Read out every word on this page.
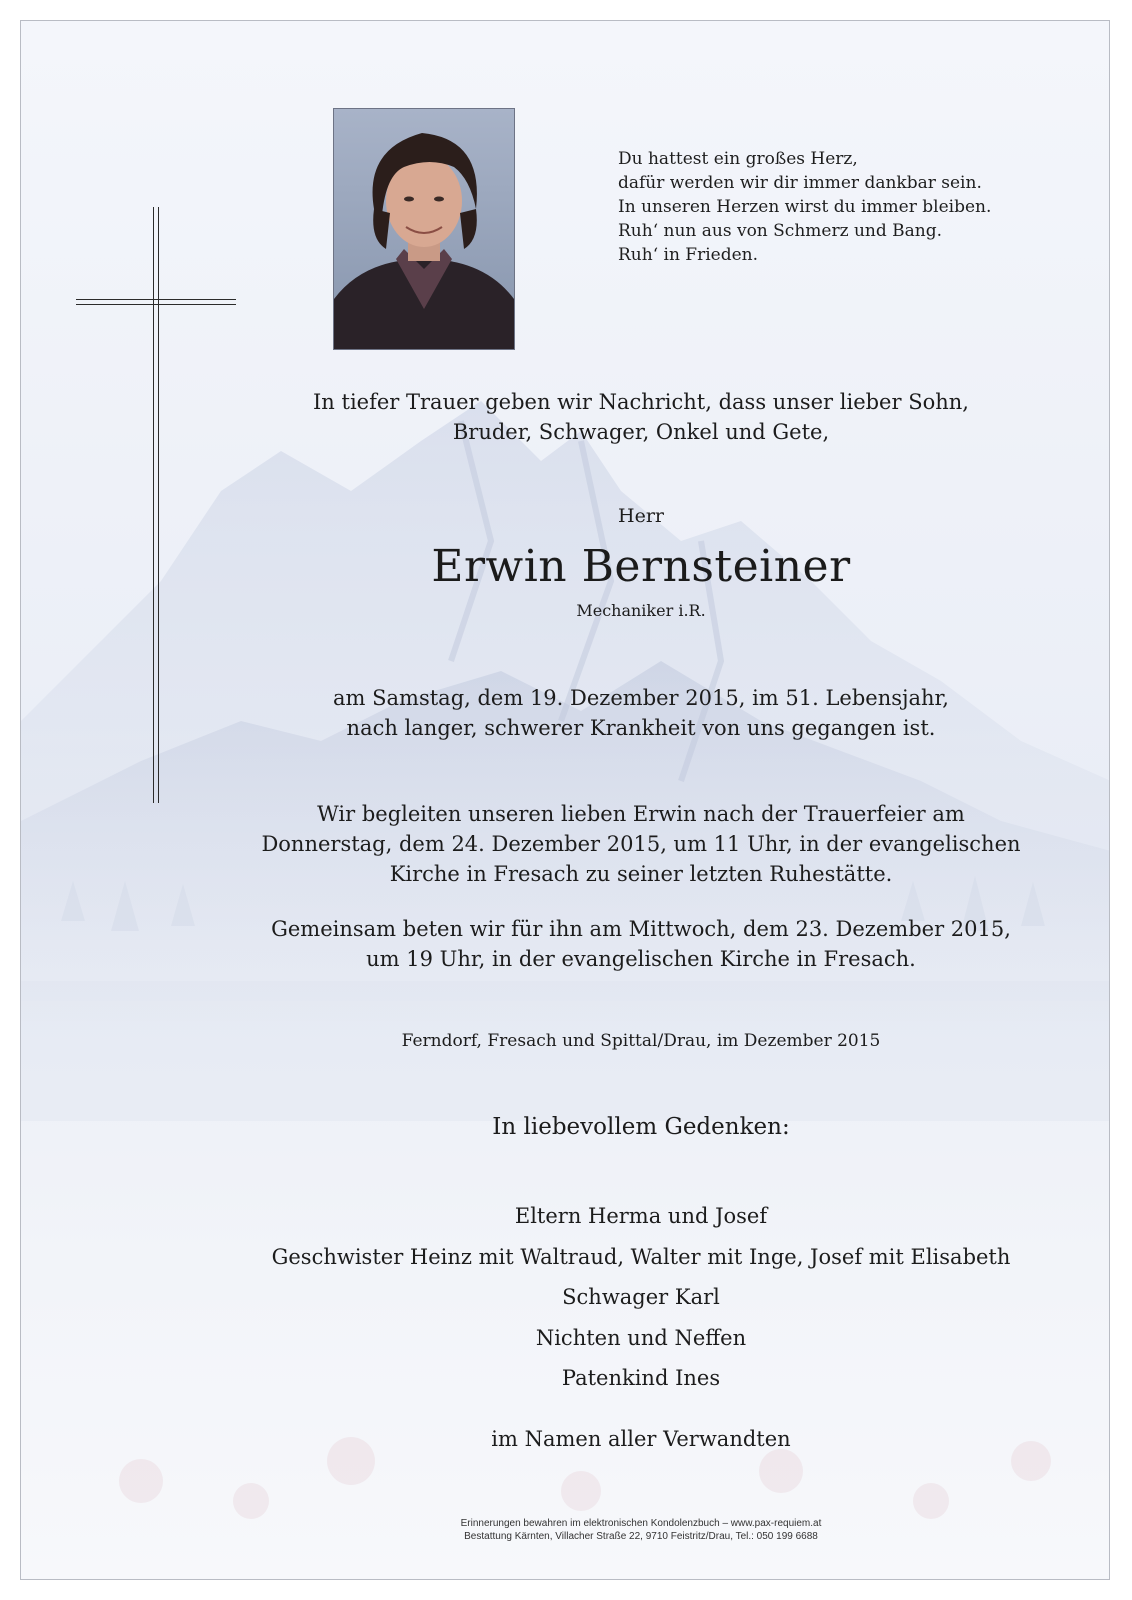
Du hattest ein großes Herz,
dafür werden wir dir immer dankbar sein.
In unseren Herzen wirst du immer bleiben.
Ruh‘ nun aus von Schmerz und Bang.
Ruh‘ in Frieden.
In tiefer Trauer geben wir Nachricht, dass unser lieber Sohn,
Bruder, Schwager, Onkel und Gete,
Herr
Erwin Bernsteiner
Mechaniker i.R.
am Samstag, dem 19. Dezember 2015, im 51. Lebensjahr,
nach langer, schwerer Krankheit von uns gegangen ist.
Wir begleiten unseren lieben Erwin nach der Trauerfeier am
Donnerstag, dem 24. Dezember 2015, um 11 Uhr, in der evangelischen
Kirche in Fresach zu seiner letzten Ruhestätte.
Gemeinsam beten wir für ihn am Mittwoch, dem 23. Dezember 2015,
um 19 Uhr, in der evangelischen Kirche in Fresach.
Ferndorf, Fresach und Spittal/Drau, im Dezember 2015
In liebevollem Gedenken:
Eltern Herma und Josef
Geschwister Heinz mit Waltraud, Walter mit Inge, Josef mit Elisabeth
Schwager Karl
Nichten und Neffen
Patenkind Ines
im Namen aller Verwandten
Erinnerungen bewahren im elektronischen Kondolenzbuch – www.pax-requiem.at
Bestattung Kärnten, Villacher Straße 22, 9710 Feistritz/Drau, Tel.: 050 199 6688
